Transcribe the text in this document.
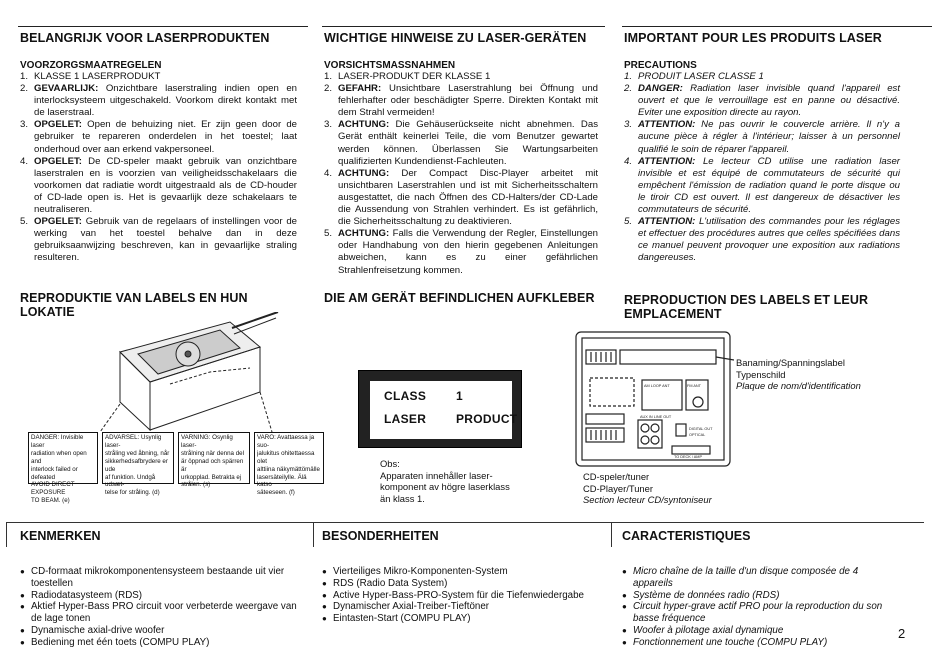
BELANGRIJK VOOR LASERPRODUKTEN
VOORZORGSMAATREGELEN
1. KLASSE 1 LASERPRODUKT
2. GEVAARLIJK: Onzichtbare laserstraling indien open en interlocksysteem uitgeschakeld. Voorkom direkt kontakt met de laserstraal.
3. OPGELET: Open de behuizing niet. Er zijn geen door de gebruiker te repareren onderdelen in het toestel; laat onderhoud over aan erkend vakpersoneel.
4. OPGELET: De CD-speler maakt gebruik van onzichtbare laserstralen en is voorzien van veiligheidsschakelaars die voorkomen dat radiatie wordt uitgestraald als de CD-houder of CD-lade open is. Het is gevaarlijk deze schakelaars te neutraliseren.
5. OPGELET: Gebruik van de regelaars of instellingen voor de werking van het toestel behalve dan in deze gebruiksaanwijzing beschreven, kan in gevaarlijke straling resulteren.
REPRODUKTIE VAN LABELS EN HUN
LOKATIE
WICHTIGE HINWEISE ZU LASER-GERÄTEN
VORSICHTSMASSNAHMEN
1. LASER-PRODUKT DER KLASSE 1
2. GEFAHR: Unsichtbare Laserstrahlung bei Öffnung und fehlerhafter oder beschädigter Sperre. Direkten Kontakt mit dem Strahl vermeiden!
3. ACHTUNG: Die Gehäuserückseite nicht abnehmen. Das Gerät enthält keinerlei Teile, die vom Benutzer gewartet werden können. Überlassen Sie Wartungsarbeiten qualifizierten Kundendienst-Fachleuten.
4. ACHTUNG: Der Compact Disc-Player arbeitet mit unsichtbaren Laserstrahlen und ist mit Sicherheitsschaltern ausgestattet, die nach Öffnen des CD-Halters/der CD-Lade die Aussendung von Strahlen verhindert. Es ist gefährlich, die Sicherheitsschaltung zu deaktivieren.
5. ACHTUNG: Falls die Verwendung der Regler, Einstellungen oder Handhabung von den hierin gegebenen Anleitungen abweichen, kann es zu einer gefährlichen Strahlenfreisetzung kommen.
DIE AM GERÄT BEFINDLICHEN AUFKLEBER
IMPORTANT POUR LES PRODUITS LASER
PRECAUTIONS
1. PRODUIT LASER CLASSE 1
2. DANGER: Radiation laser invisible quand l'appareil est ouvert et que le verrouillage est en panne ou désactivé. Eviter une exposition directe au rayon.
3. ATTENTION: Ne pas ouvrir le couvercle arrière. Il n'y a aucune pièce à régler à l'intérieur; laisser à un personnel qualifié le soin de réparer l'appareil.
4. ATTENTION: Le lecteur CD utilise une radiation laser invisible et est équipé de commutateurs de sécurité qui empêchent l'émission de radiation quand le porte disque ou le tiroir CD est ouvert. Il est dangereux de désactiver les commutateurs de sécurité.
5. ATTENTION: L'utilisation des commandes pour les réglages et effectuer des procédures autres que celles spécifiées dans ce manuel peuvent provoquer une exposition aux radiations dangereuses.
REPRODUCTION DES LABELS ET LEUR
EMPLACEMENT
DANGER: Invisible laser
radiation when open and
interlock failed or defeated
AVOID DIRECT EXPOSURE
TO BEAM. (e)
ADVARSEL: Usynlig laser-
stråling ved åbning, når
sikkerhedsafbrydere er ude
af funktion. Undgå udsæt-
telse for stråling. (d)
VARNING: Osynlig laser-
strålning när denna del
är öppnad och spärren är
urkopplad. Betrakta ej
strålen. (s)
VARO: Avattaessa ja suo-
jalukitus ohitettaessa olet
alttiina näkymättömälle
lasersäteilylle. Älä katso
säteeseen. (f)
CLASS 1
LASER PRODUCT
Obs:
Apparaten innehåller laser-
komponent av högre laserklass
än klass 1.
AM LOOP ANT	FM ANT
AUX IN LINE OUT
DIGITAL OUT
OPTICAL
TO DECK / AMP
Banaming/Spanningslabel
Typenschild
Plaque de nom/d'identification
CD-speler/tuner
CD-Player/Tuner
Section lecteur CD/syntoniseur
KENMERKEN	BESONDERHEITEN	CARACTERISTIQUES
● CD-formaat mikrokomponentensysteem bestaande uit vier toestellen
● Radiodatasysteem (RDS)
● Aktief Hyper-Bass PRO circuit voor verbeterde weergave van de lage tonen
● Dynamische axial-drive woofer
● Bediening met één toets (COMPU PLAY)
● Vierteiliges Mikro-Komponenten-System
● RDS (Radio Data System)
● Active Hyper-Bass-PRO-System für die Tiefenwiedergabe
● Dynamischer Axial-Treiber-Tieftöner
● Eintasten-Start (COMPU PLAY)
● Micro chaîne de la taille d'un disque composée de 4 appareils
● Système de données radio (RDS)
● Circuit hyper-grave actif PRO pour la reproduction du son basse fréquence
● Woofer à pilotage axial dynamique
● Fonctionnement une touche (COMPU PLAY)
2
